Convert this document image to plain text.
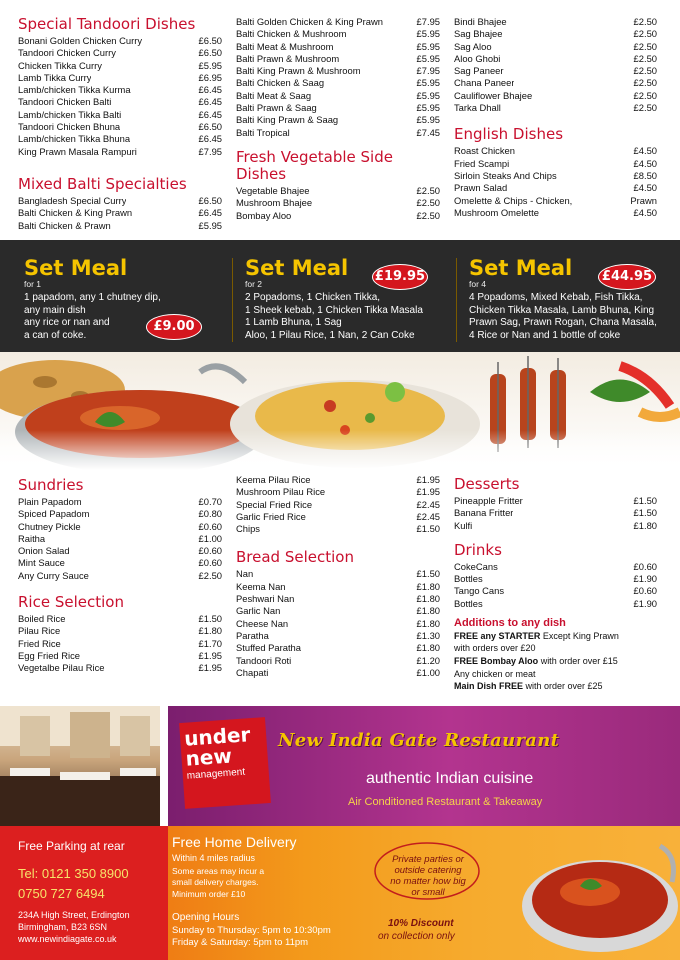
Special Tandoori Dishes
Bonani Golden Chicken Curry	£6.50
Tandoori Chicken Curry	£6.50
Chicken Tikka Curry	£5.95
Lamb Tikka Curry	£6.95
Lamb/chicken Tikka Kurma	£6.45
Tandoori Chicken Balti	£6.45
Lamb/chicken Tikka Balti	£6.45
Tandoori Chicken Bhuna	£6.50
Lamb/chicken Tikka Bhuna	£6.45
King Prawn Masala Rampuri	£7.95
Mixed Balti Specialties
Bangladesh Special Curry	£6.50
Balti Chicken & King Prawn	£6.45
Balti Chicken & Prawn	£5.95
Balti Golden Chicken & King Prawn	£7.95
Balti Chicken & Mushroom	£5.95
Balti Meat & Mushroom	£5.95
Balti Prawn & Mushroom	£5.95
Balti King Prawn & Mushroom	£7.95
Balti Chicken & Saag	£5.95
Balti Meat & Saag	£5.95
Balti Prawn & Saag	£5.95
Balti King Prawn & Saag	£5.95
Balti Tropical	£7.45
Fresh Vegetable Side
Dishes
Vegetable Bhajee	£2.50
Mushroom Bhajee	£2.50
Bombay Aloo	£2.50
Bindi Bhajee	£2.50
Sag Bhajee	£2.50
Sag Aloo	£2.50
Aloo Ghobi	£2.50
Sag Paneer	£2.50
Chana Paneer	£2.50
Cauliflower Bhajee	£2.50
Tarka Dhall	£2.50
English Dishes
Roast Chicken	£4.50
Fried Scampi	£4.50
Sirloin Steaks And Chips	£8.50
Prawn Salad	£4.50
Omelette & Chips - Chicken,	Prawn
Mushroom Omelette	£4.50
Set Meal
for 1
1 papadom, any 1 chutney dip,
any main dish
any rice or nan and
a can of coke.
£9.00
Set Meal
for 2
2 Popadoms, 1 Chicken Tikka,
1 Sheek kebab, 1 Chicken Tikka Masala
1 Lamb Bhuna, 1 Sag
Aloo, 1 Pilau Rice, 1 Nan, 2 Can Coke
£19.95 Set Meal
for 4
4 Popadoms, Mixed Kebab, Fish Tikka,
Chicken Tikka Masala, Lamb Bhuna, King
Prawn Sag, Prawn Rogan, Chana Masala,
4 Rice or Nan and 1 bottle of coke
£44.95
Sundries
Plain Papadom	£0.70
Spiced Papadom	£0.80
Chutney Pickle	£0.60
Raitha	£1.00
Onion Salad	£0.60
Mint Sauce	£0.60
Any Curry Sauce	£2.50
Rice Selection
Boiled Rice	£1.50
Pilau Rice	£1.80
Fried Rice	£1.70
Egg Fried Rice	£1.95
Vegetalbe Pilau Rice	£1.95
Keema Pilau Rice	£1.95
Mushroom Pilau Rice	£1.95
Special Fried Rice	£2.45
Garlic Fried Rice	£2.45
Chips	£1.50
Bread Selection
Nan	£1.50
Keema Nan	£1.80
Peshwari Nan	£1.80
Garlic Nan	£1.80
Cheese Nan	£1.80
Paratha	£1.30
Stuffed Paratha	£1.80
Tandoori Roti	£1.20
Chapati	£1.00
Desserts
Pineapple Fritter	£1.50
Banana Fritter	£1.50
Kulfi	£1.80
Drinks
CokeCans	£0.60
Bottles	£1.90
Tango Cans	£0.60
Bottles	£1.90
Additions to any dish
FREE any STARTER Except King Prawn
with orders over £20
FREE Bombay Aloo with order over £15
Any chicken or meat
Main Dish FREE with order over £25
New India Gate Restaurant
authentic Indian cuisine
Air Conditioned Restaurant & Takeaway
under
new
management
Free Parking at rear
Tel: 0121 350 8900
0750 727 6494
234A High Street, Erdington
Birmingham, B23 6SN
www.newindiagate.co.uk
Free Home Delivery
Within 4 miles radius
Some areas may incur a
small delivery charges.
Minimum order £10
Opening Hours
Sunday to Thursday: 5pm to 10:30pm
Friday & Saturday: 5pm to 11pm
Private parties or
outside catering
no matter how big
or small
10% Discount
on collection only
